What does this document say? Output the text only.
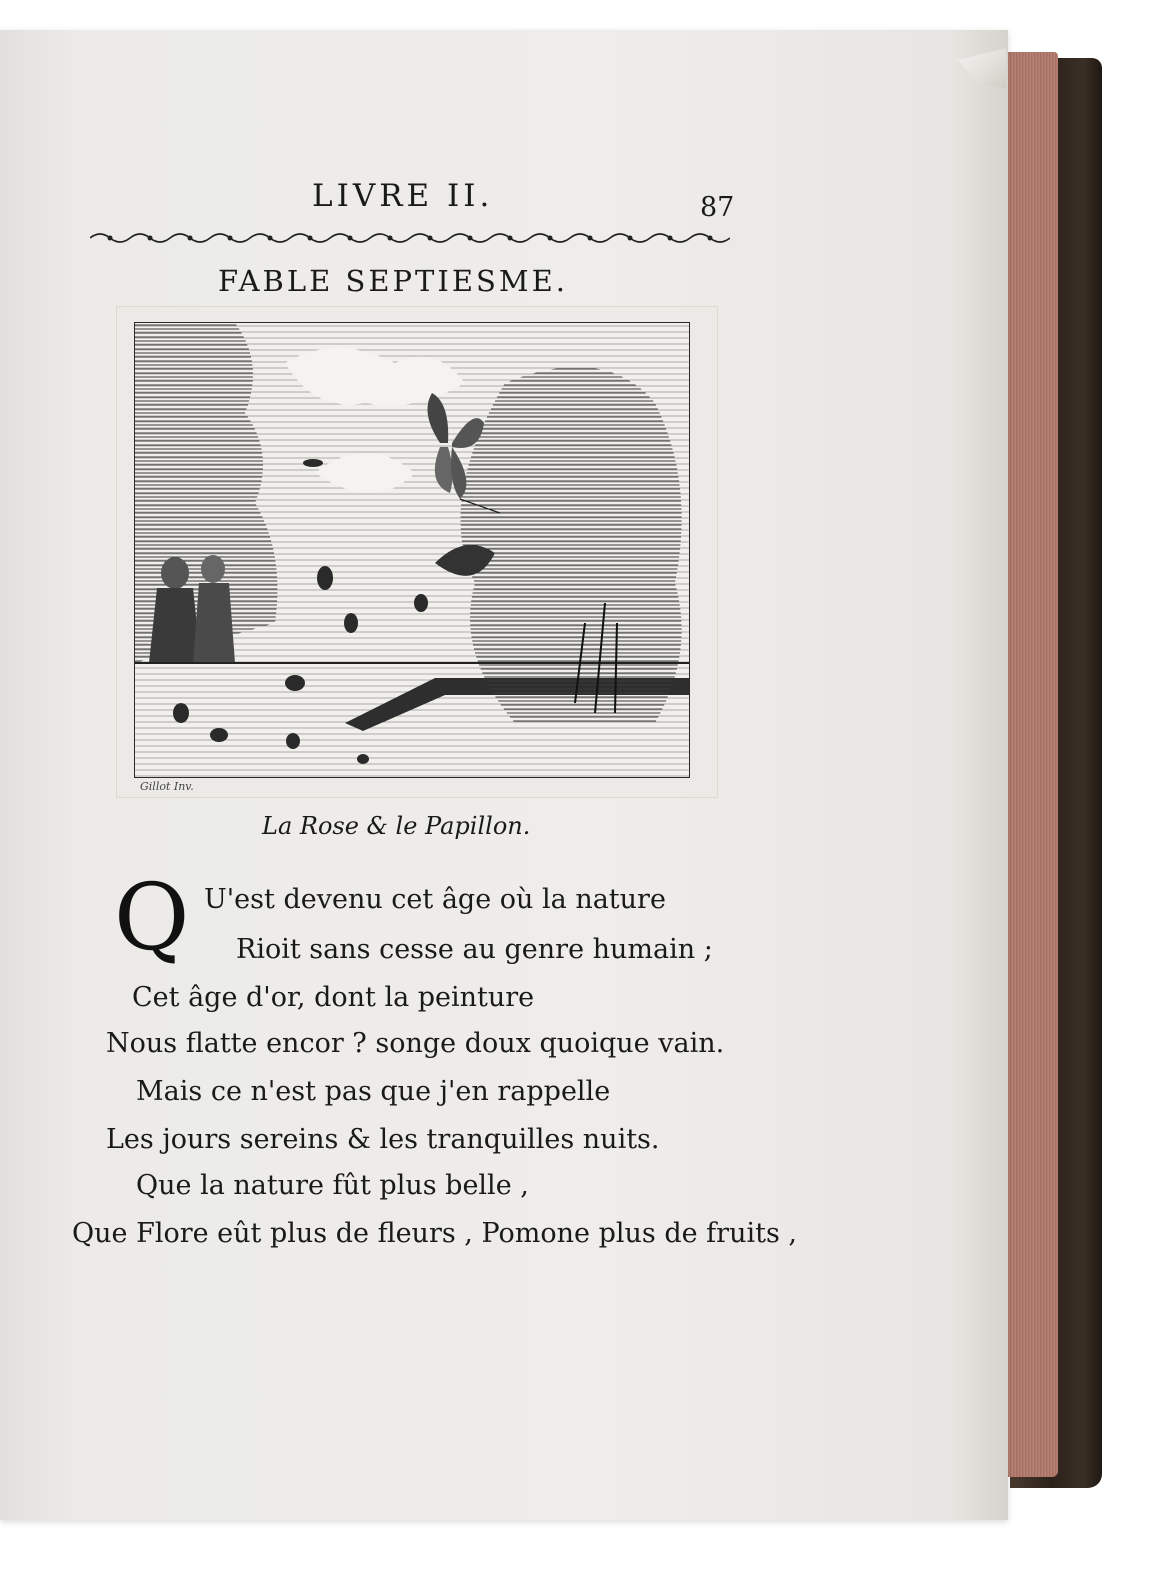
LIVRE II.	87
FABLE SEPTIESME.
Gillot Inv.
La Rose & le Papillon.
Q U'est devenu cet âge où la nature
Rioit sans cesse au genre humain ;
Cet âge d'or, dont la peinture
Nous flatte encor ? songe doux quoique vain.
Mais ce n'est pas que j'en rappelle
Les jours sereins & les tranquilles nuits.
Que la nature fût plus belle ,
Que Flore eût plus de fleurs , Pomone plus de fruits ,
